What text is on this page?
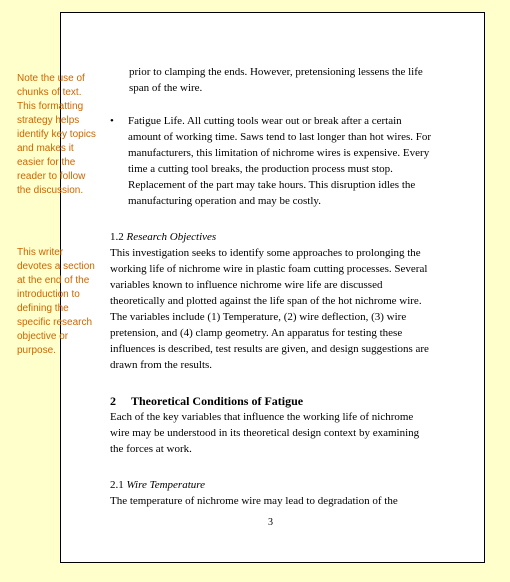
Note the use of chunks of text. This formatting strategy helps identify key topics and makes it easier for the reader to follow the discussion.
This writer devotes a section at the end of the introduction to defining the specific research objective or purpose.
prior to clamping the ends. However, pretensioning lessens the life span of the wire.
• Fatigue Life. All cutting tools wear out or break after a certain amount of working time. Saws tend to last longer than hot wires. For manufacturers, this limitation of nichrome wires is expensive. Every time a cutting tool breaks, the production process must stop. Replacement of the part may take hours. This disruption idles the manufacturing operation and may be costly.
1.2 Research Objectives
This investigation seeks to identify some approaches to prolonging the working life of nichrome wire in plastic foam cutting processes. Several variables known to influence nichrome wire life are discussed theoretically and plotted against the life span of the hot nichrome wire. The variables include (1) Temperature, (2) wire deflection, (3) wire pretension, and (4) clamp geometry. An apparatus for testing these influences is described, test results are given, and design suggestions are drawn from the results.
2 Theoretical Conditions of Fatigue
Each of the key variables that influence the working life of nichrome wire may be understood in its theoretical design context by examining the forces at work.
2.1 Wire Temperature
The temperature of nichrome wire may lead to degradation of the
3
